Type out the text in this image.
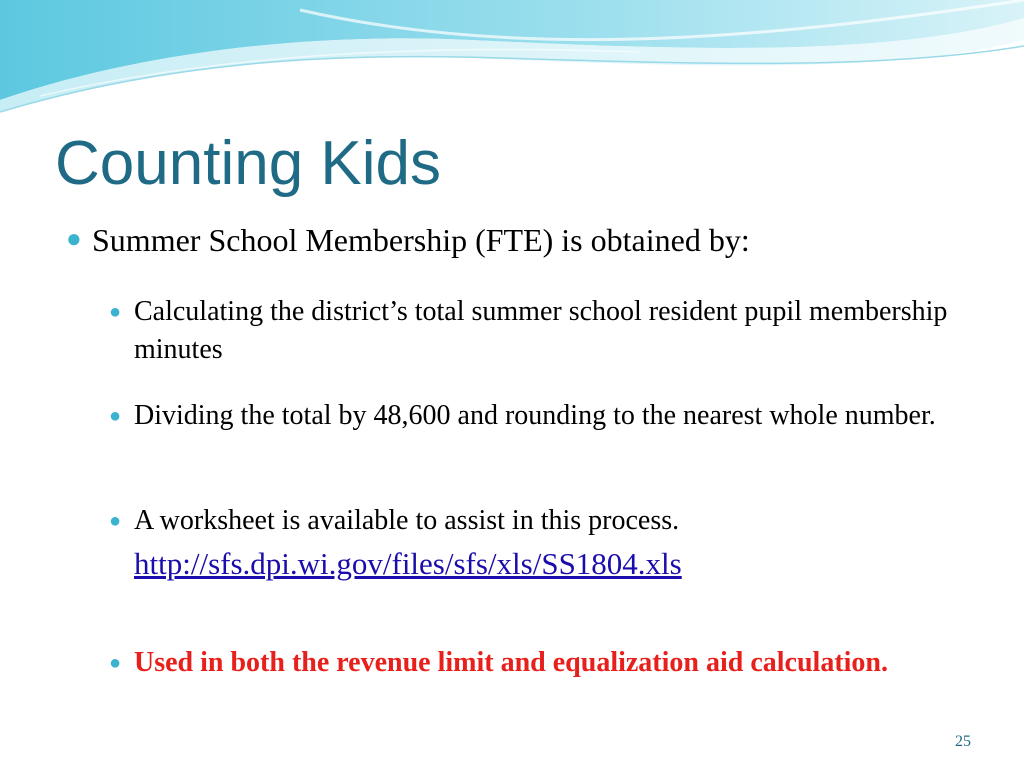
Counting Kids
● Summer School Membership (FTE) is obtained by:
● Calculating the district’s total summer school resident pupil membership minutes
● Dividing the total by 48,600 and rounding to the nearest whole number.
● A worksheet is available to assist in this process.
http://sfs.dpi.wi.gov/files/sfs/xls/SS1804.xls
● Used in both the revenue limit and equalization aid calculation.
25
